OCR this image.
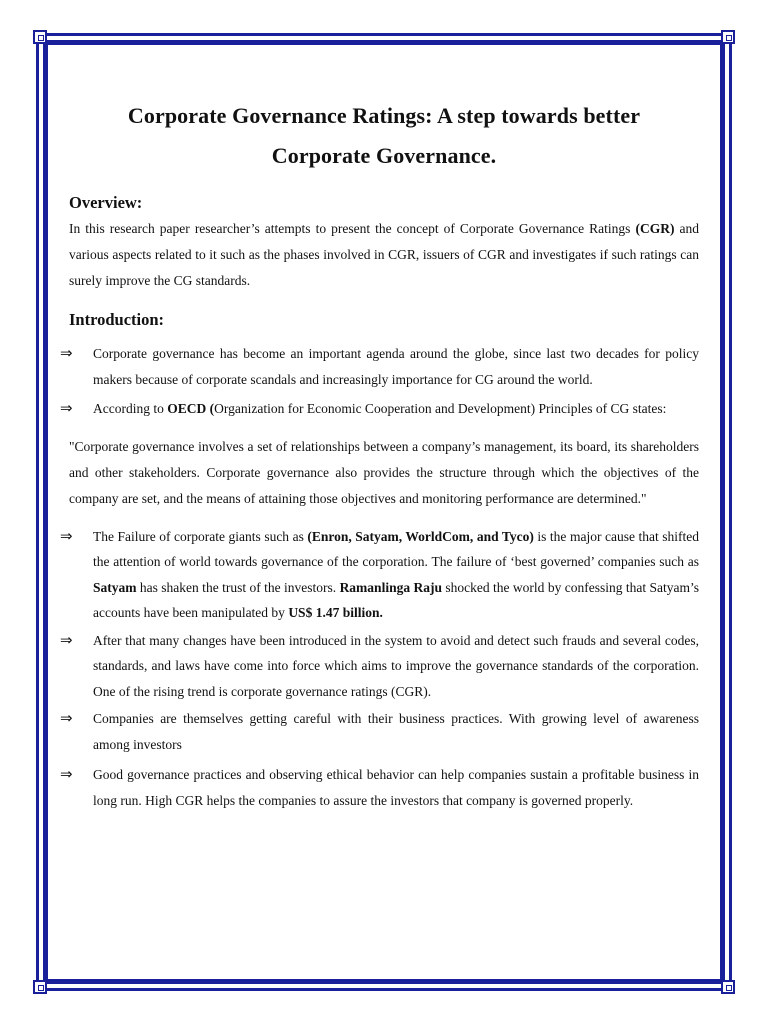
Corporate Governance Ratings: A step towards better
Corporate Governance.
Overview:

In this research paper researcher’s attempts to present the concept of Corporate Governance Ratings (CGR) and various aspects related to it such as the phases involved in CGR, issuers of CGR and investigates if such ratings can surely improve the CG standards.

Introduction:
⇒ Corporate governance has become an important agenda around the globe, since last two decades for policy makers because of corporate scandals and increasingly importance for CG around the world.
⇒ According to OECD (Organization for Economic Cooperation and Development) Principles of CG states:

"Corporate governance involves a set of relationships between a company’s management, its board, its shareholders and other stakeholders. Corporate governance also provides the structure through which the objectives of the company are set, and the means of attaining those objectives and monitoring performance are determined."

⇒ The Failure of corporate giants such as (Enron, Satyam, WorldCom, and Tyco) is the major cause that shifted the attention of world towards governance of the corporation. The failure of ‘best governed’ companies such as Satyam has shaken the trust of the investors. Ramanlinga Raju shocked the world by confessing that Satyam’s accounts have been manipulated by US$ 1.47 billion.
⇒ After that many changes have been introduced in the system to avoid and detect such frauds and several codes, standards, and laws have come into force which aims to improve the governance standards of the corporation. One of the rising trend is corporate governance ratings (CGR).
⇒ Companies are themselves getting careful with their business practices. With growing level of awareness among investors
⇒ Good governance practices and observing ethical behavior can help companies sustain a profitable business in long run. High CGR helps the companies to assure the investors that company is governed properly.
